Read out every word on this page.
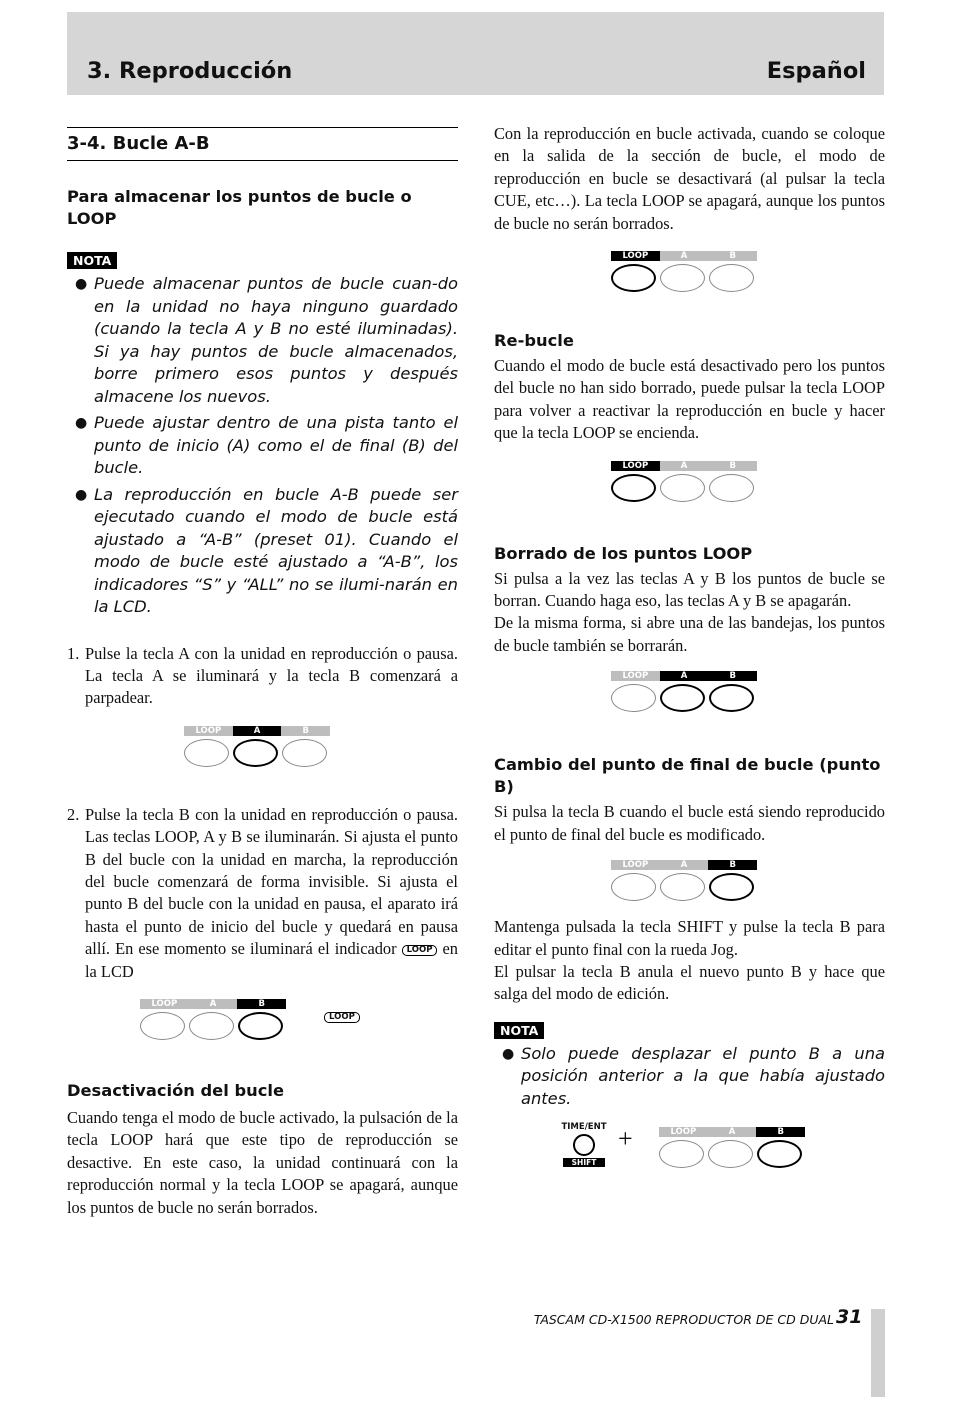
3. Reproducción	Español
3-4. Bucle A-B

Para almacenar los puntos de bucle o LOOP

NOTA
● Puede almacenar puntos de bucle cuan-do en la unidad no haya ninguno guardado (cuando la tecla A y B no esté iluminadas). Si ya hay puntos de bucle almacenados, borre primero esos puntos y después almacene los nuevos.
● Puede ajustar dentro de una pista tanto el punto de inicio (A) como el de final (B) del bucle.
● La reproducción en bucle A-B puede ser ejecutado cuando el modo de bucle está ajustado a “A-B” (preset 01). Cuando el modo de bucle esté ajustado a “A-B”, los indicadores “S” y “ALL” no se ilumi-narán en la LCD.
1. Pulse la tecla A con la unidad en reproducción o pausa. La tecla A se iluminará y la tecla B comenzará a parpadear.
LOOP	A	B
2. Pulse la tecla B con la unidad en reproducción o pausa. Las teclas LOOP, A y B se iluminarán. Si ajusta el punto B del bucle con la unidad en marcha, la reproducción del bucle comenzará de forma invisible. Si ajusta el punto B del bucle con la unidad en pausa, el aparato irá hasta el punto de inicio del bucle y quedará en pausa allí. En ese momento se iluminará el indicador LOOP en la LCD
LOOP	A	B
LOOP

Desactivación del bucle

Cuando tenga el modo de bucle activado, la pulsación de la tecla LOOP hará que este tipo de reproducción se desactive. En este caso, la unidad continuará con la reproducción normal y la tecla LOOP se apagará, aunque los puntos de bucle no serán borrados.

Con la reproducción en bucle activada, cuando se coloque en la salida de la sección de bucle, el modo de reproducción en bucle se desactivará (al pulsar la tecla CUE, etc…). La tecla LOOP se apagará, aunque los puntos de bucle no serán borrados.

LOOP	A	B

Re-bucle

Cuando el modo de bucle está desactivado pero los puntos del bucle no han sido borrado, puede pulsar la tecla LOOP para volver a reactivar la reproducción en bucle y hacer que la tecla LOOP se encienda.

LOOP	A	B

Borrado de los puntos LOOP

Si pulsa a la vez las teclas A y B los puntos de bucle se borran. Cuando haga eso, las teclas A y B se apagarán.

De la misma forma, si abre una de las bandejas, los puntos de bucle también se borrarán.

LOOP	A	B

Cambio del punto de final de bucle (punto B)

Si pulsa la tecla B cuando el bucle está siendo reproducido el punto de final del bucle es modificado.

LOOP	A	B

Mantenga pulsada la tecla SHIFT y pulse la tecla B para editar el punto final con la rueda Jog.

El pulsar la tecla B anula el nuevo punto B y hace que salga del modo de edición.

NOTA
● Solo puede desplazar el punto B a una posición anterior a la que había ajustado antes.
TIME/ENT
SHIFT
+	LOOP	A	B
TASCAM CD-X1500 REPRODUCTOR DE CD DUAL 31
